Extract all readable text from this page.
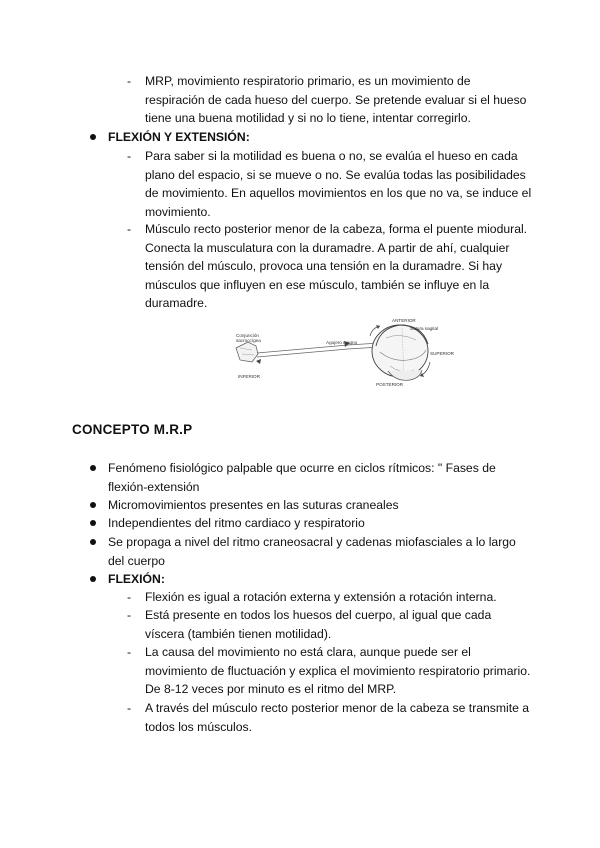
-	MRP, movimiento respiratorio primario, es un movimiento de respiración de cada hueso del cuerpo. Se pretende evaluar si el hueso tiene una buena motilidad y si no lo tiene, intentar corregirlo.
FLEXIÓN Y EXTENSIÓN:
-	Para saber si la motilidad es buena o no, se evalúa el hueso en cada plano del espacio, si se mueve o no. Se evalúa todas las posibilidades de movimiento. En aquellos movimientos en los que no va, se induce el movimiento.
-	Músculo recto posterior menor de la cabeza, forma el puente miodural. Conecta la musculatura con la duramadre. A partir de ahí, cualquier tensión del músculo, provoca una tensión en la duramadre. Si hay músculos que influyen en ese músculo, también se influye en la duramadre.
ANTERIOR
Sutura sagital
Agujero magno
Conjunción
sacroccígea
INFERIOR
SUPERIOR
POSTERIOR
CONCEPTO M.R.P
Fenómeno fisiológico palpable que ocurre en ciclos rítmicos: " Fases de flexión-extensión
Micromovimientos presentes en las suturas craneales
Independientes del ritmo cardiaco y respiratorio
Se propaga a nivel del ritmo craneosacral y cadenas miofasciales a lo largo del cuerpo
FLEXIÓN:
-	Flexión es igual a rotación externa y extensión a rotación interna.
-	Está presente en todos los huesos del cuerpo, al igual que cada víscera (también tienen motilidad).
-	La causa del movimiento no está clara, aunque puede ser el movimiento de fluctuación y explica el movimiento respiratorio primario. De 8-12 veces por minuto es el ritmo del MRP.
-	A través del músculo recto posterior menor de la cabeza se transmite a todos los músculos.
